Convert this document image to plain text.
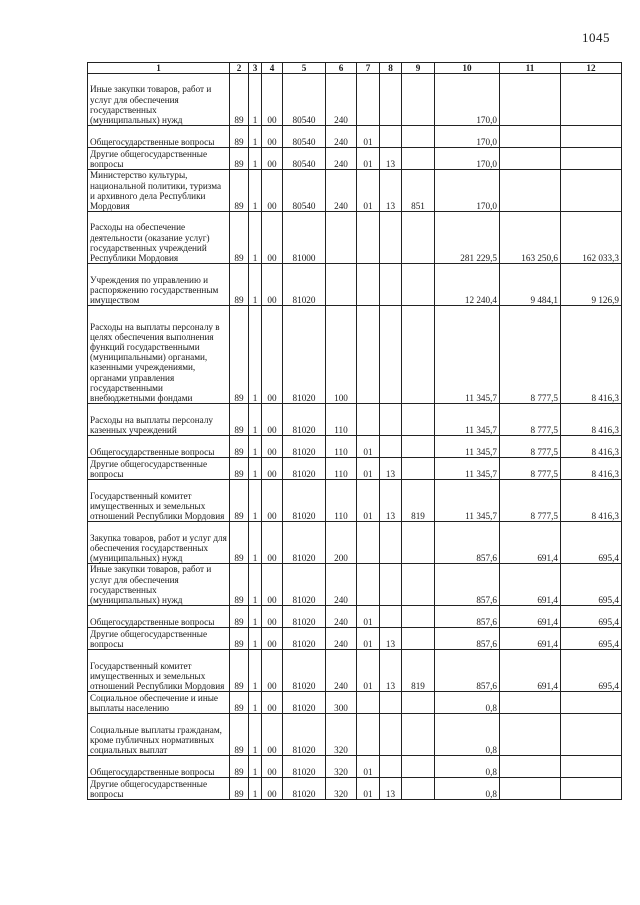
1045
1	2	3	4	5	6	7	8	9	10	11	12
Иные закупки товаров, работ и услуг для обеспечения государственных (муниципальных) нужд	89	1	00	80540	240				170,0		
Общегосударственные вопросы	89	1	00	80540	240	01			170,0		
Другие общегосударственные вопросы	89	1	00	80540	240	01	13		170,0		
Министерство культуры, национальной политики, туризма и архивного дела Республики Мордовия	89	1	00	80540	240	01	13	851	170,0		
Расходы на обеспечение деятельности (оказание услуг) государственных учреждений Республики Мордовия	89	1	00	81000					281 229,5	163 250,6	162 033,3
Учреждения по управлению и распоряжению государственным имуществом	89	1	00	81020					12 240,4	9 484,1	9 126,9
Расходы на выплаты персоналу в целях обеспечения выполнения функций государственными (муниципальными) органами, казенными учреждениями, органами управления государственными внебюджетными фондами	89	1	00	81020	100				11 345,7	8 777,5	8 416,3
Расходы на выплаты персоналу казенных учреждений	89	1	00	81020	110				11 345,7	8 777,5	8 416,3
Общегосударственные вопросы	89	1	00	81020	110	01			11 345,7	8 777,5	8 416,3
Другие общегосударственные вопросы	89	1	00	81020	110	01	13		11 345,7	8 777,5	8 416,3
Государственный комитет имущественных и земельных отношений Республики Мордовия	89	1	00	81020	110	01	13	819	11 345,7	8 777,5	8 416,3
Закупка товаров, работ и услуг для обеспечения государственных (муниципальных) нужд	89	1	00	81020	200				857,6	691,4	695,4
Иные закупки товаров, работ и услуг для обеспечения государственных (муниципальных) нужд	89	1	00	81020	240				857,6	691,4	695,4
Общегосударственные вопросы	89	1	00	81020	240	01			857,6	691,4	695,4
Другие общегосударственные вопросы	89	1	00	81020	240	01	13		857,6	691,4	695,4
Государственный комитет имущественных и земельных отношений Республики Мордовия	89	1	00	81020	240	01	13	819	857,6	691,4	695,4
Социальное обеспечение и иные выплаты населению	89	1	00	81020	300				0,8		
Социальные выплаты гражданам, кроме публичных нормативных социальных выплат	89	1	00	81020	320				0,8		
Общегосударственные вопросы	89	1	00	81020	320	01			0,8		
Другие общегосударственные вопросы	89	1	00	81020	320	01	13		0,8		
